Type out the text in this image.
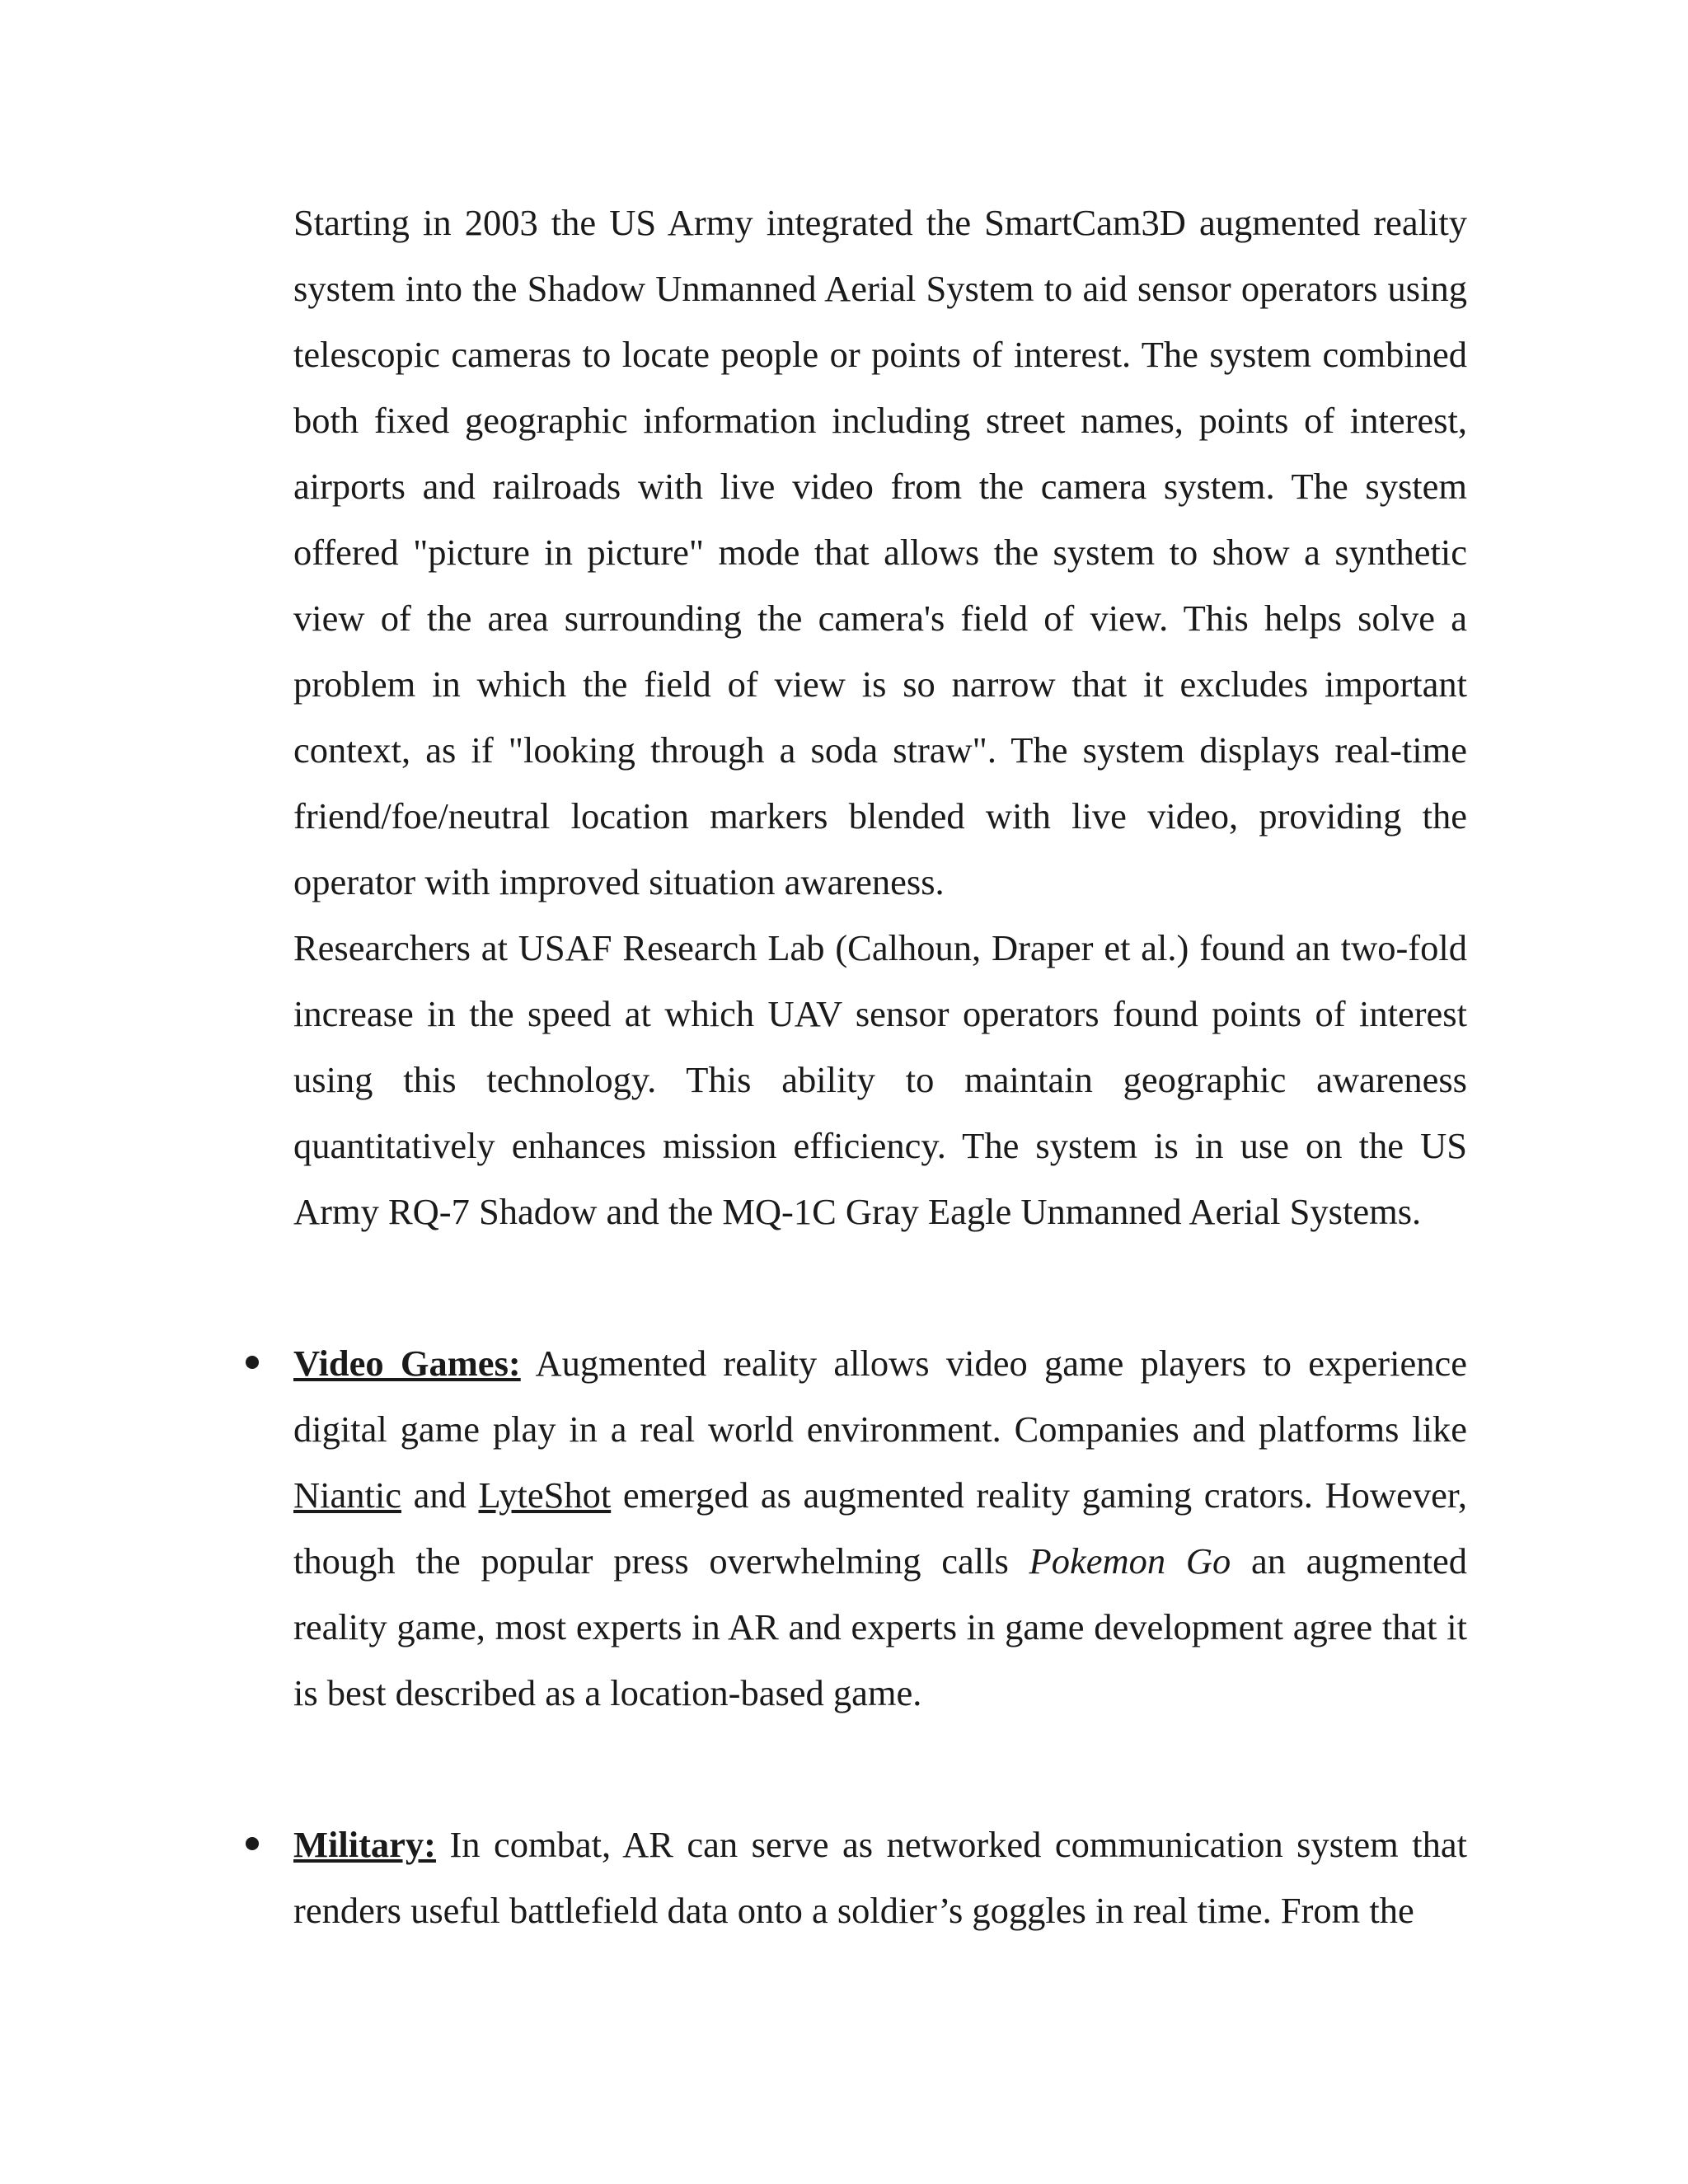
Starting in 2003 the US Army integrated the SmartCam3D augmented reality system into the Shadow Unmanned Aerial System to aid sensor operators using telescopic cameras to locate people or points of interest. The system combined both fixed geographic information including street names, points of interest, airports and railroads with live video from the camera system. The system offered "picture in picture" mode that allows the system to show a synthetic view of the area surrounding the camera's field of view. This helps solve a problem in which the field of view is so narrow that it excludes important context, as if "looking through a soda straw". The system displays real-time friend/foe/neutral location markers blended with live video, providing the operator with improved situation awareness.

Researchers at USAF Research Lab (Calhoun, Draper et al.) found an two-fold increase in the speed at which UAV sensor operators found points of interest using this technology. This ability to maintain geographic awareness quantitatively enhances mission efficiency. The system is in use on the US Army RQ-7 Shadow and the MQ-1C Gray Eagle Unmanned Aerial Systems.

Video Games: Augmented reality allows video game players to experience digital game play in a real world environment. Companies and platforms like Niantic and LyteShot emerged as augmented reality gaming crators. However, though the popular press overwhelming calls Pokemon Go an augmented reality game, most experts in AR and experts in game development agree that it is best described as a location-based game.
Military: In combat, AR can serve as networked communication system that renders useful battlefield data onto a soldier’s goggles in real time. From the
